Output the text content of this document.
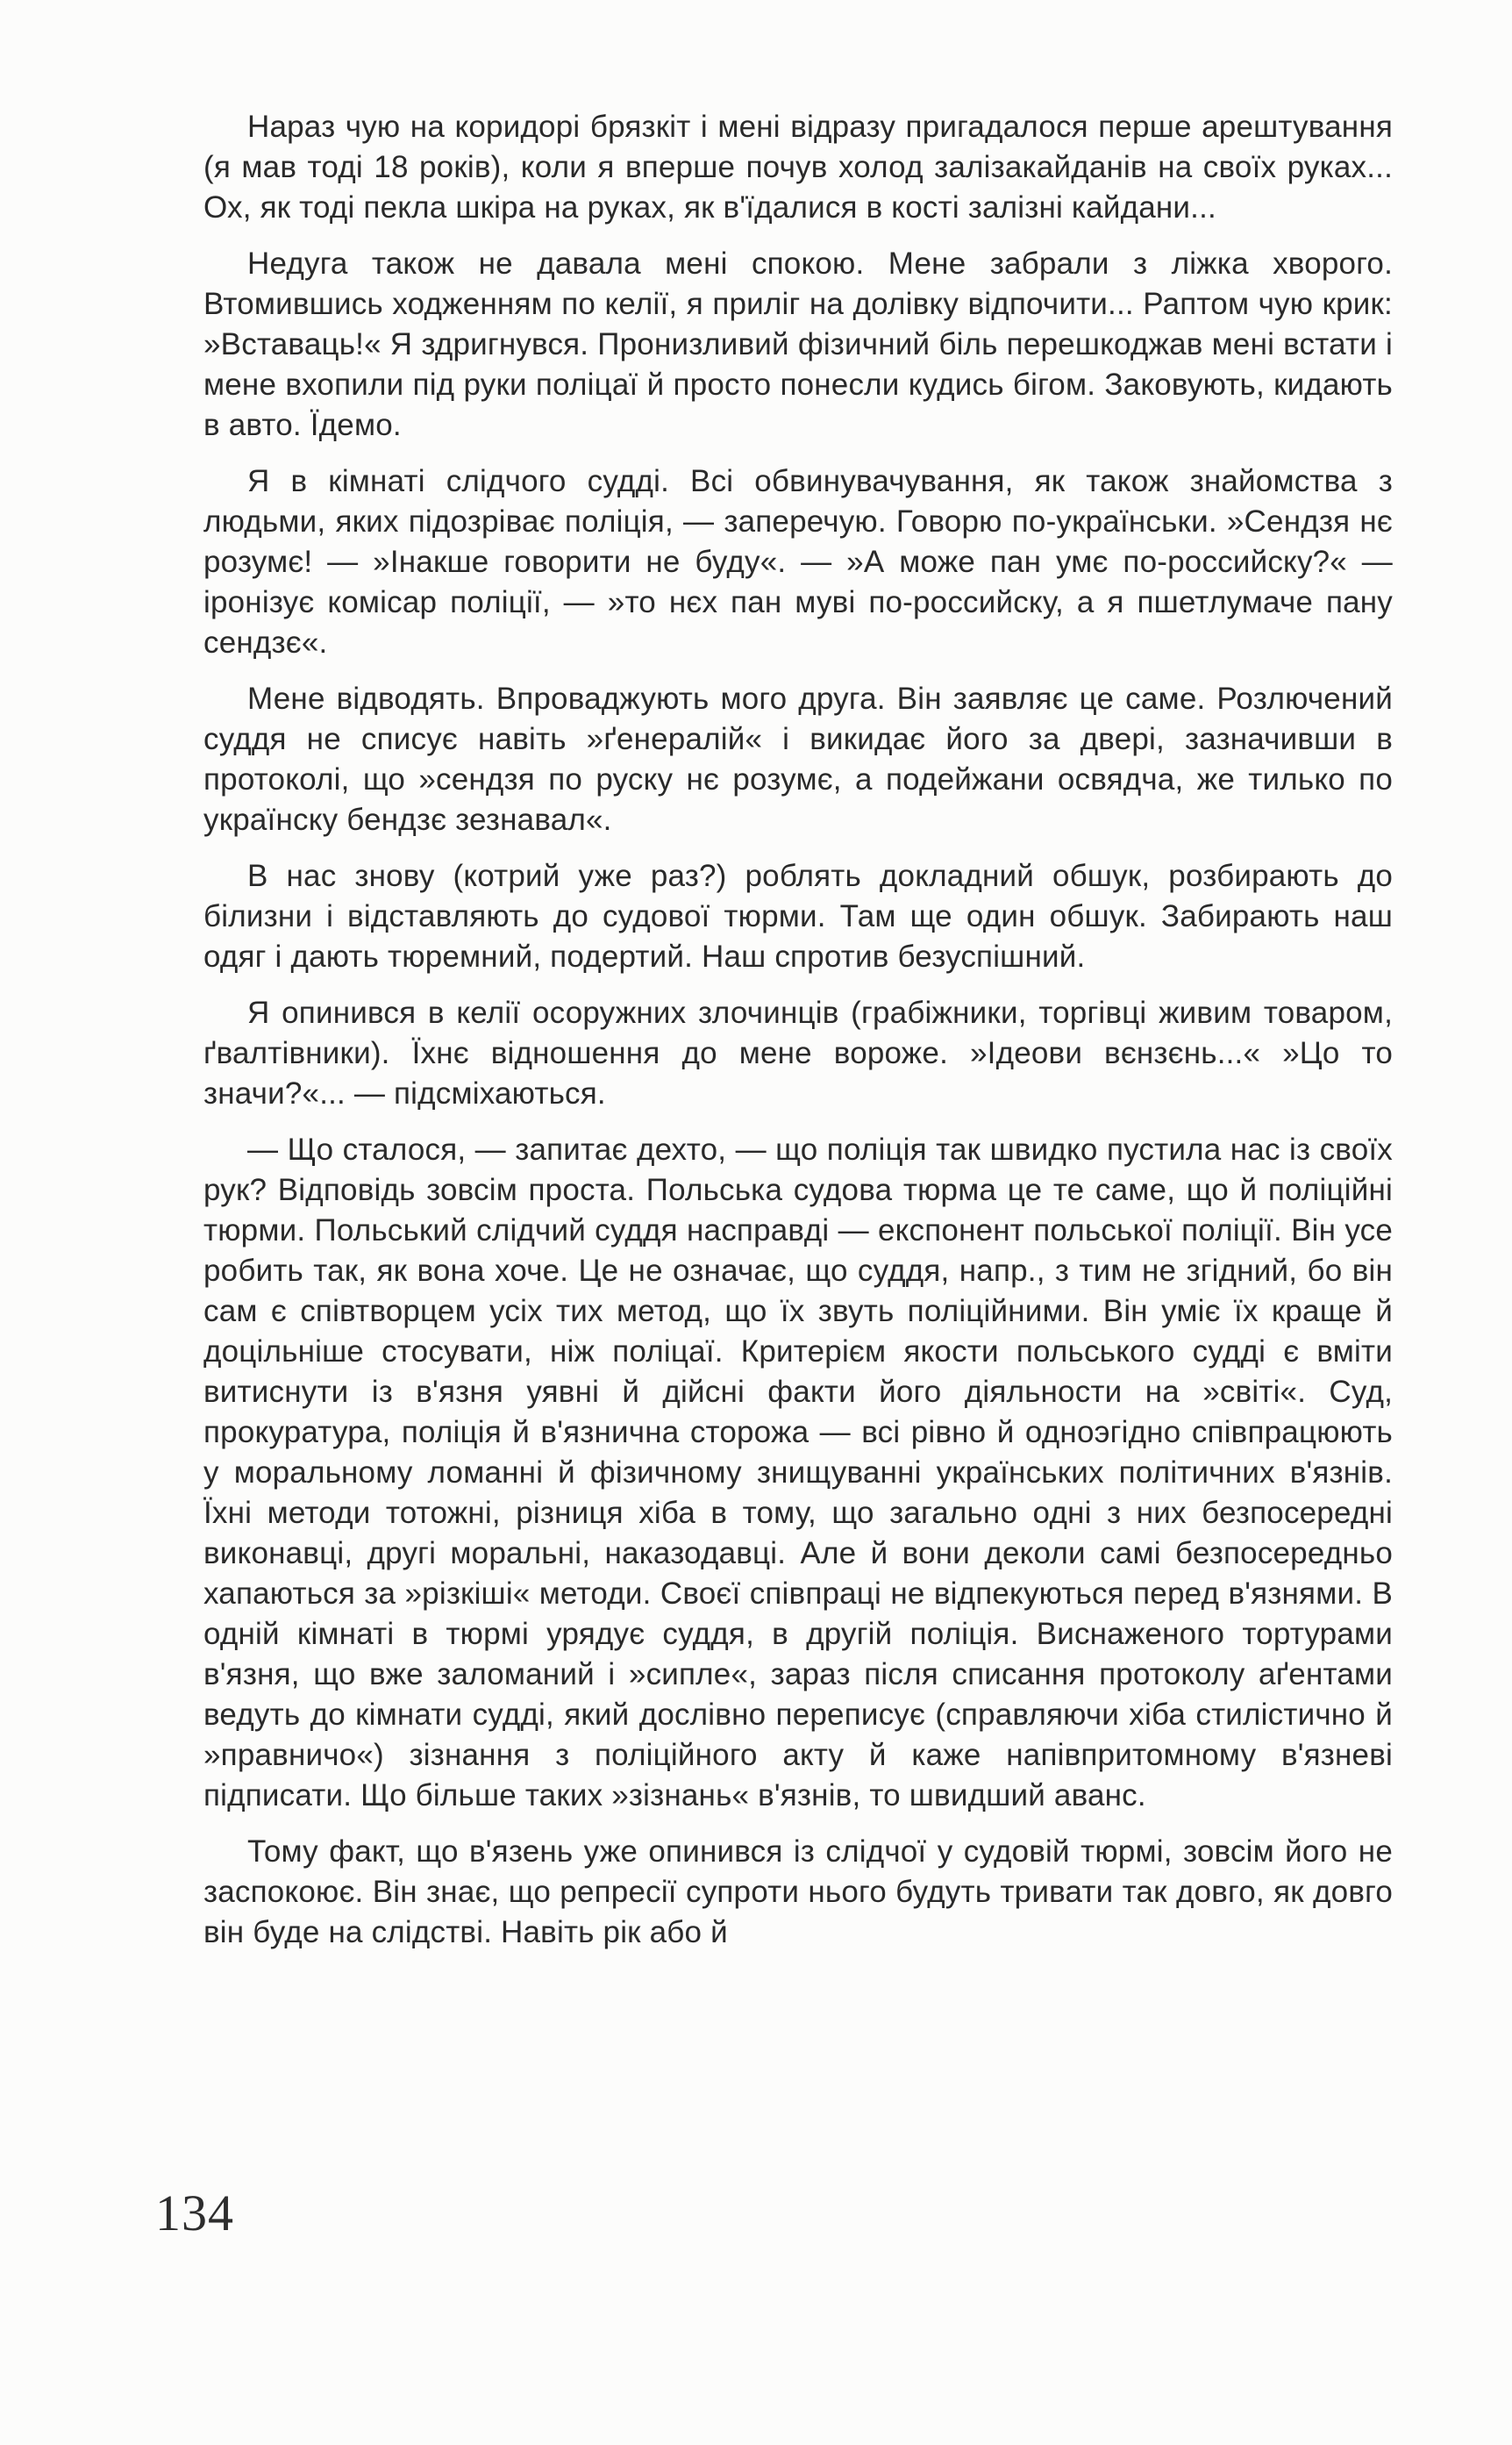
Нараз чую на коридорі брязкіт і мені відразу пригадалося перше арештування (я мав тоді 18 років), коли я вперше почув холод залізакайданів на своїх руках... Ох, як тоді пекла шкіра на руках, як в'їдалися в кості залізні кайдани...

Недуга також не давала мені спокою. Мене забрали з ліжка хворого. Втомившись ходженням по келії, я приліг на долівку відпочити... Раптом чую крик: »Вставаць!« Я здригнувся. Пронизливий фізичний біль перешкоджав мені встати і мене вхопили під руки поліцаї й просто понесли кудись бігом. Заковують, кидають в авто. Їдемо.

Я в кімнаті слідчого судді. Всі обвинувачування, як також знайомства з людьми, яких підозріває поліція, — заперечую. Говорю по-українськи. »Сендзя нє розумє! — »Інакше говорити не буду«. — »А може пан умє по-российску?« — іронізує комісар поліції, — »то нєх пан муві по-российску, а я пшетлумаче пану сендзє«.

Мене відводять. Впроваджують мого друга. Він заявляє це саме. Розлючений суддя не списує навіть »ґенералій« і викидає його за двері, зазначивши в протоколі, що »сендзя по руску нє розумє, а подейжани освядча, же тилько по українску бендзє зезнавал«.

В нас знову (котрий уже раз?) роблять докладний обшук, розбирають до білизни і відставляють до судової тюрми. Там ще один обшук. Забирають наш одяг і дають тюремний, подертий. Наш спротив безуспішний.

Я опинився в келії осоружних злочинців (грабіжники, торгівці живим товаром, ґвалтівники). Їхнє відношення до мене вороже. »Ідеови вєнзєнь...« »Цо то значи?«... — підсміхаються.

— Що сталося, — запитає дехто, — що поліція так швидко пустила нас із своїх рук? Відповідь зовсім проста. Польська судова тюрма це те саме, що й поліційні тюрми. Польський слідчий суддя насправді — експонент польської поліції. Він усе робить так, як вона хоче. Це не означає, що суддя, напр., з тим не згідний, бо він сам є співтворцем усіх тих метод, що їх звуть поліційними. Він уміє їх краще й доцільніше стосувати, ніж поліцаї. Критерієм якости польського судді є вміти витиснути із в'язня уявні й дійсні факти його діяльности на »світі«. Суд, прокуратура, поліція й в'язнична сторожа — всі рівно й одноэгідно співпрацюють у моральному ломанні й фізичному знищуванні українських політичних в'язнів. Їхні методи тотожні, різниця хіба в тому, що загально одні з них безпосередні виконавці, другі моральні, наказодавці. Але й вони деколи самі безпосередньо хапаються за »різкіші« методи. Своєї співпраці не відпекуються перед в'язнями. В одній кімнаті в тюрмі урядує суддя, в другій поліція. Виснаженого тортурами в'язня, що вже заломаний і »сипле«, зараз після списання протоколу аґентами ведуть до кімнати судді, який дослівно переписує (справляючи хіба стилістично й »правничо«) зізнання з поліційного акту й каже напівпритомному в'язневі підписати. Що більше таких »зізнань« в'язнів, то швидший аванс.

Тому факт, що в'язень уже опинився із слідчої у судовій тюрмі, зовсім його не заспокоює. Він знає, що репресії супроти нього будуть тривати так довго, як довго він буде на слідстві. Навіть рік або й

134
